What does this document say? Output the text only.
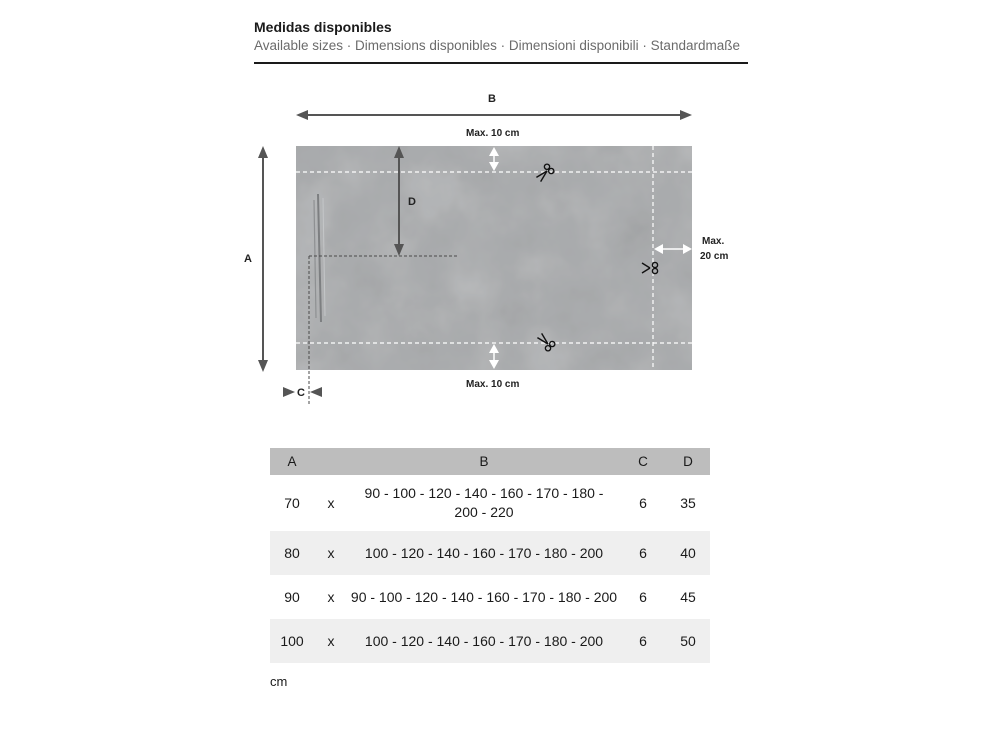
Medidas disponibles
Available sizes · Dimensions disponibles · Dimensioni disponibili · Standardmaße
B
A
D
C
Max. 10 cm
Max. 10 cm
Max.
20 cm
A		B	C	D
70	x	90 - 100 - 120 - 140 - 160 - 170 - 180 - 200 - 220	6	35
80	x	100 - 120 - 140 - 160 - 170 - 180 - 200	6	40
90	x	90 - 100 - 120 - 140 - 160 - 170 - 180 - 200	6	45
100	x	100 - 120 - 140 - 160 - 170 - 180 - 200	6	50
cm
